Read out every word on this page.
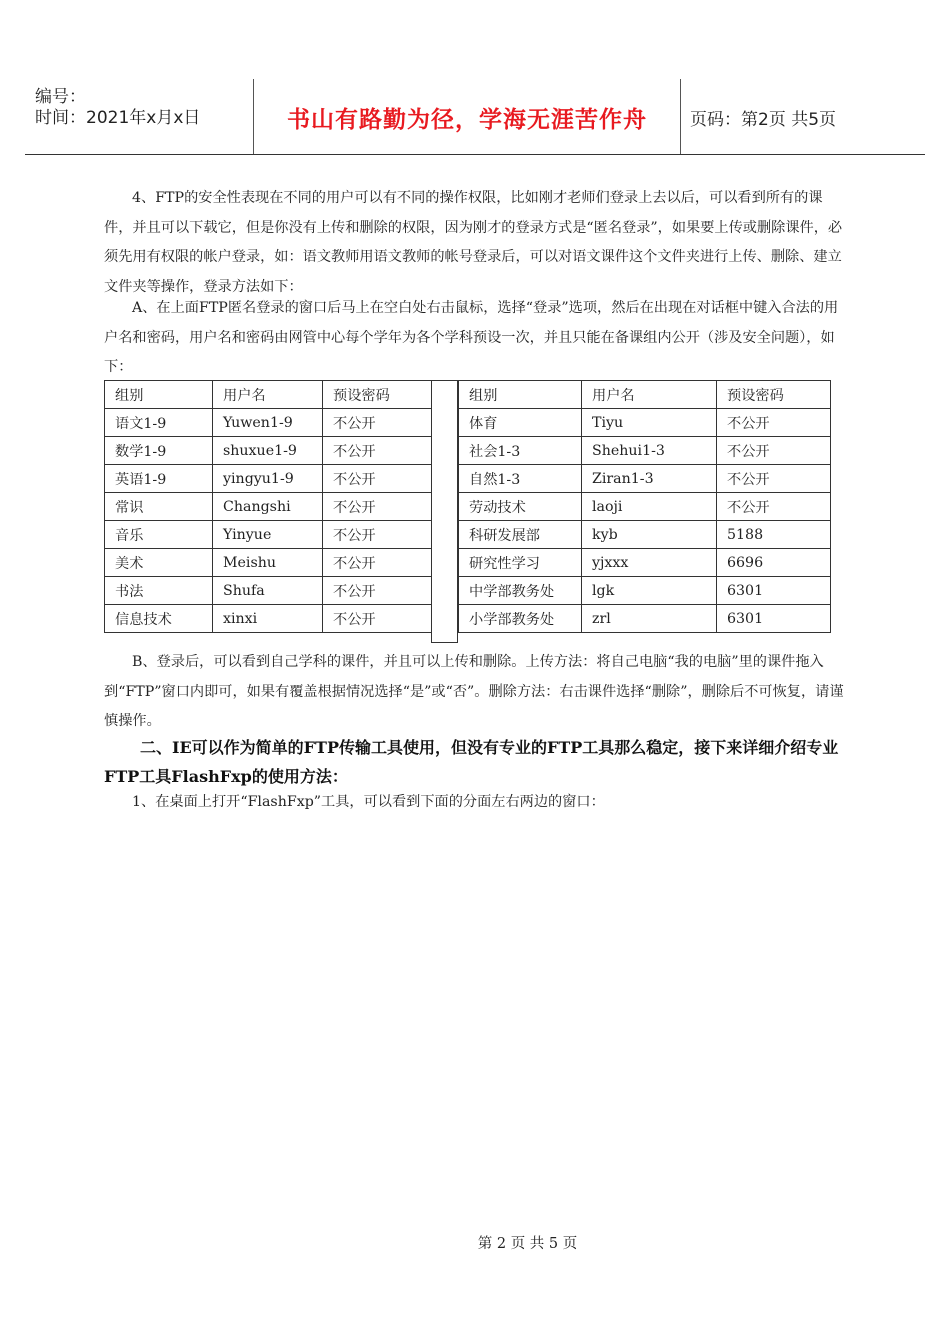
编号：
时间：2021年x月x日	书山有路勤为径，学海无涯苦作舟	页码：第2页 共5页

4、FTP的安全性表现在不同的用户可以有不同的操作权限，比如刚才老师们登录上去以后，可以看到所有的课件，并且可以下载它，但是你没有上传和删除的权限，因为刚才的登录方式是“匿名登录”，如果要上传或删除课件，必须先用有权限的帐户登录，如：语文教师用语文教师的帐号登录后，可以对语文课件这个文件夹进行上传、删除、建立文件夹等操作，登录方法如下：

A、在上面FTP匿名登录的窗口后马上在空白处右击鼠标，选择“登录”选项，然后在出现在对话框中键入合法的用户名和密码，用户名和密码由网管中心每个学年为各个学科预设一次，并且只能在备课组内公开（涉及安全问题），如下：

组别	用户名	预设密码
语文1-9	Yuwen1-9	不公开
数学1-9	shuxue1-9	不公开
英语1-9	yingyu1-9	不公开
常识	Changshi	不公开
音乐	Yinyue	不公开
美术	Meishu	不公开
书法	Shufa	不公开
信息技术	xinxi	不公开
组别	用户名	预设密码
体育	Tiyu	不公开
社会1-3	Shehui1-3	不公开
自然1-3	Ziran1-3	不公开
劳动技术	laoji	不公开
科研发展部	kyb	5188
研究性学习	yjxxx	6696
中学部教务处	lgk	6301
小学部教务处	zrl	6301

B、登录后，可以看到自己学科的课件，并且可以上传和删除。上传方法：将自己电脑“我的电脑”里的课件拖入到“FTP”窗口内即可，如果有覆盖根据情况选择“是”或“否”。删除方法：右击课件选择“删除”，删除后不可恢复，请谨慎操作。

二、IE可以作为简单的FTP传输工具使用，但没有专业的FTP工具那么稳定，接下来详细介绍专业FTP工具FlashFxp的使用方法：

1、在桌面上打开“FlashFxp”工具，可以看到下面的分面左右两边的窗口：

第 2 页 共 5 页
